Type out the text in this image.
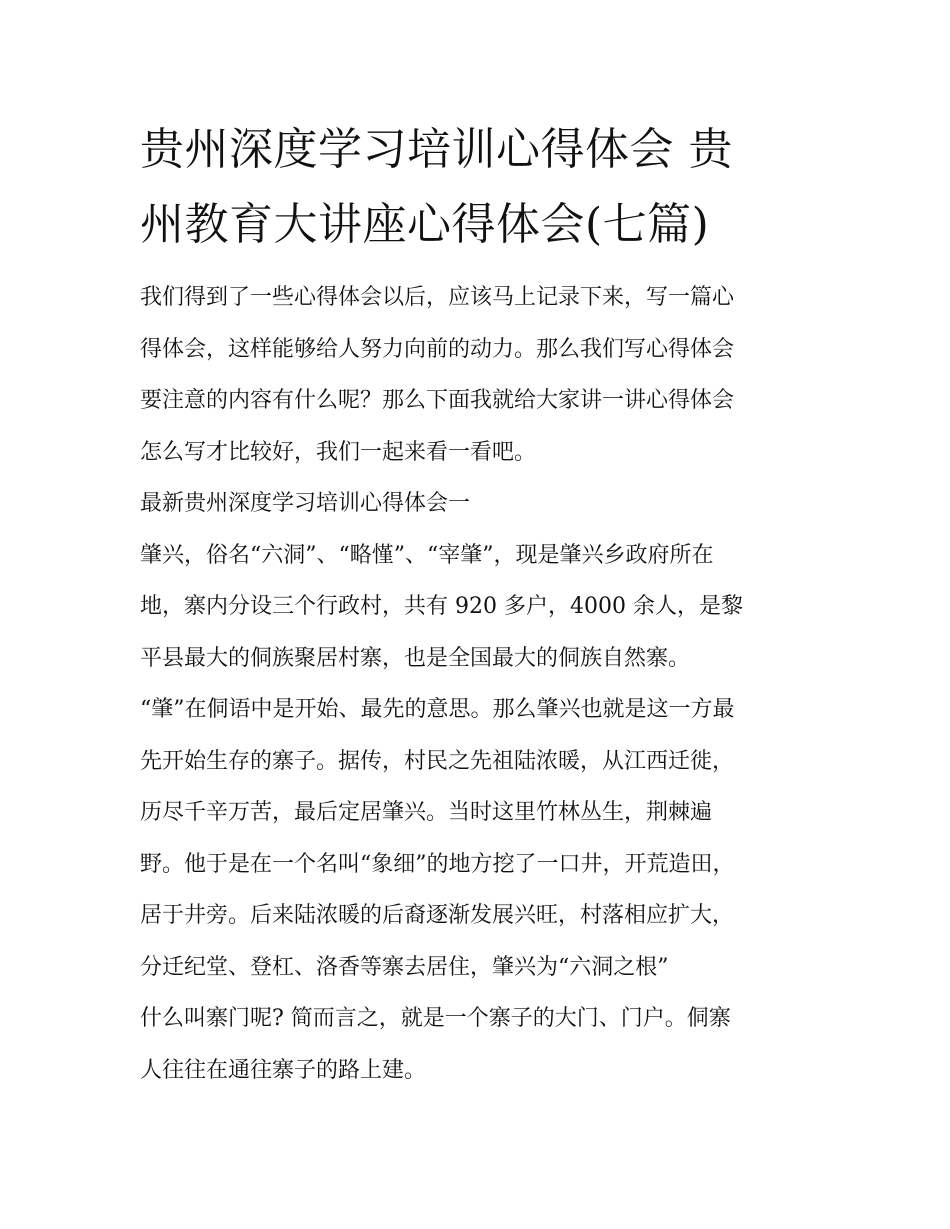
贵州深度学习培训心得体会 贵
州教育大讲座心得体会(七篇)
我们得到了一些心得体会以后，应该马上记录下来，写一篇心
得体会，这样能够给人努力向前的动力。那么我们写心得体会
要注意的内容有什么呢？那么下面我就给大家讲一讲心得体会
怎么写才比较好，我们一起来看一看吧。
最新贵州深度学习培训心得体会一
肇兴，俗名“六洞”、“略慬”、“宰肇”，现是肇兴乡政府所在
地，寨内分设三个行政村，共有 920 多户，4000 余人，是黎
平县最大的侗族聚居村寨，也是全国最大的侗族自然寨。
“肇”在侗语中是开始、最先的意思。那么肇兴也就是这一方最
先开始生存的寨子。据传，村民之先祖陆浓暖，从江西迁徙，
历尽千辛万苦，最后定居肇兴。当时这里竹林丛生，荆棘遍
野。他于是在一个名叫“象细”的地方挖了一口井，开荒造田，
居于井旁。后来陆浓暖的后裔逐渐发展兴旺，村落相应扩大，
分迁纪堂、登杠、洛香等寨去居住，肇兴为“六洞之根”
什么叫寨门呢? 简而言之，就是一个寨子的大门、门户。侗寨
人往往在通往寨子的路上建。
